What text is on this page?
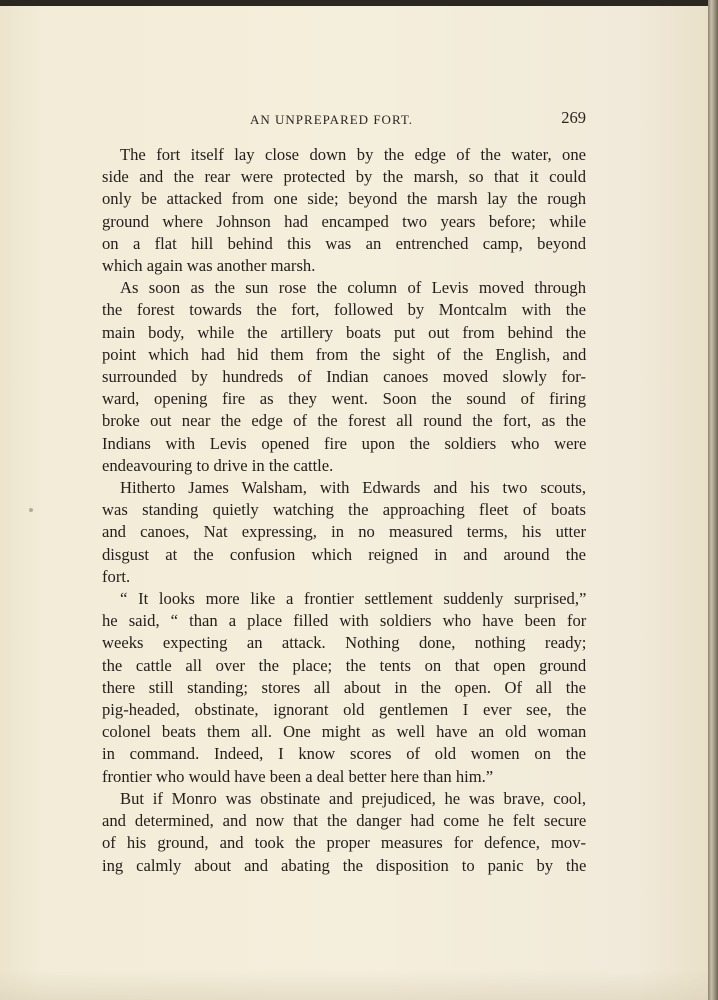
AN UNPREPARED FORT.	269

The fort itself lay close down by the edge of the water, one
side and the rear were protected by the marsh, so that it could
only be attacked from one side; beyond the marsh lay the rough
ground where Johnson had encamped two years before; while
on a flat hill behind this was an entrenched camp, beyond
which again was another marsh.

As soon as the sun rose the column of Levis moved through
the forest towards the fort, followed by Montcalm with the
main body, while the artillery boats put out from behind the
point which had hid them from the sight of the English, and
surrounded by hundreds of Indian canoes moved slowly for-
ward, opening fire as they went. Soon the sound of firing
broke out near the edge of the forest all round the fort, as the
Indians with Levis opened fire upon the soldiers who were
endeavouring to drive in the cattle.

Hitherto James Walsham, with Edwards and his two scouts,
was standing quietly watching the approaching fleet of boats
and canoes, Nat expressing, in no measured terms, his utter
disgust at the confusion which reigned in and around the
fort.

“ It looks more like a frontier settlement suddenly surprised,”
he said, “ than a place filled with soldiers who have been for
weeks expecting an attack. Nothing done, nothing ready;
the cattle all over the place; the tents on that open ground
there still standing; stores all about in the open. Of all the
pig-headed, obstinate, ignorant old gentlemen I ever see, the
colonel beats them all. One might as well have an old woman
in command. Indeed, I know scores of old women on the
frontier who would have been a deal better here than him.”

But if Monro was obstinate and prejudiced, he was brave, cool,
and determined, and now that the danger had come he felt secure
of his ground, and took the proper measures for defence, mov-
ing calmly about and abating the disposition to panic by the
